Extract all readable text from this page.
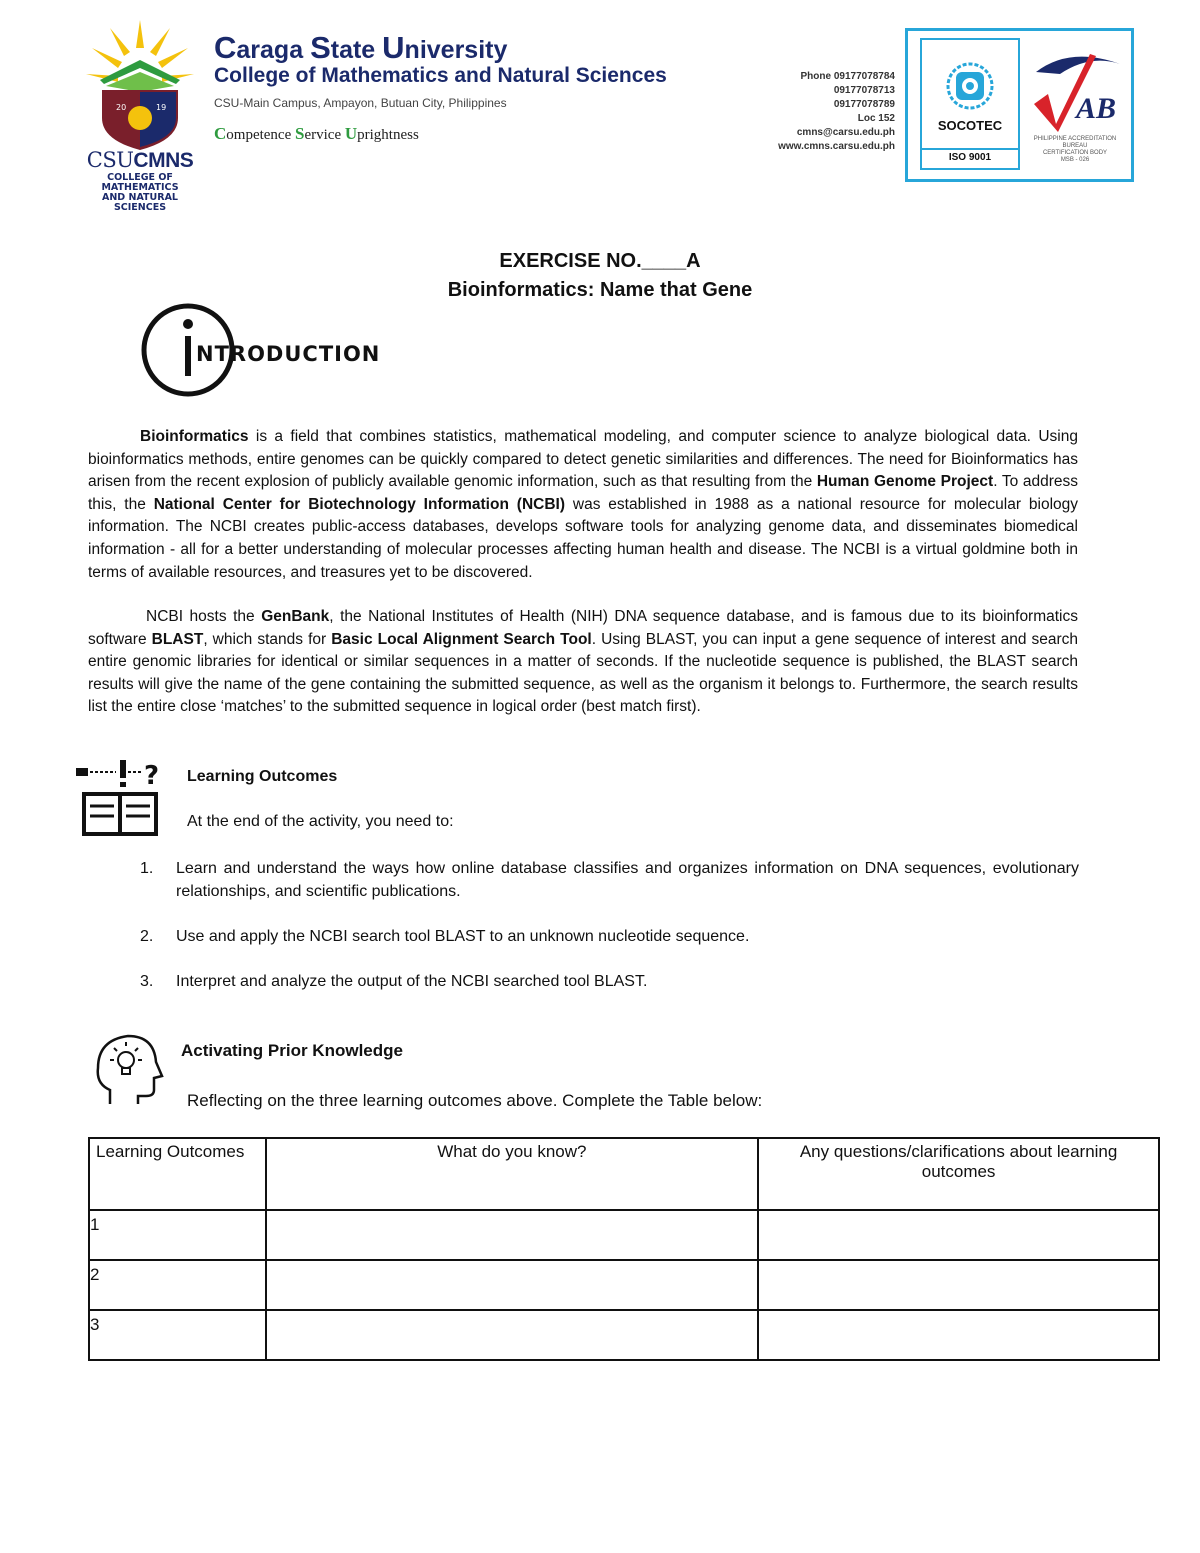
20	19
CSUCMNS
COLLEGE OF MATHEMATICS
AND NATURAL SCIENCES
Caraga State University
College of Mathematics and Natural Sciences
CSU-Main Campus, Ampayon, Butuan City, Philippines
Competence Service Uprightness
Phone 09177078784
09177078713
09177078789
Loc 152
cmns@carsu.edu.ph
www.cmns.carsu.edu.ph
SOCOTEC
ISO 9001
AB
PHILIPPINE ACCREDITATION BUREAU
CERTIFICATION BODY
MSB - 026
EXERCISE NO.____A
Bioinformatics: Name that Gene
NTRODUCTION
Bioinformatics is a field that combines statistics, mathematical modeling, and computer science to analyze biological data. Using bioinformatics methods, entire genomes can be quickly compared to detect genetic similarities and differences. The need for Bioinformatics has arisen from the recent explosion of publicly available genomic information, such as that resulting from the Human Genome Project. To address this, the National Center for Biotechnology Information (NCBI) was established in 1988 as a national resource for molecular biology information. The NCBI creates public-access databases, develops software tools for analyzing genome data, and disseminates biomedical information - all for a better understanding of molecular processes affecting human health and disease. The NCBI is a virtual goldmine both in terms of available resources, and treasures yet to be discovered.
NCBI hosts the GenBank, the National Institutes of Health (NIH) DNA sequence database, and is famous due to its bioinformatics software BLAST, which stands for Basic Local Alignment Search Tool. Using BLAST, you can input a gene sequence of interest and search entire genomic libraries for identical or similar sequences in a matter of seconds. If the nucleotide sequence is published, the BLAST search results will give the name of the gene containing the submitted sequence, as well as the organism it belongs to. Furthermore, the search results list the entire close ‘matches’ to the submitted sequence in logical order (best match first).
? Learning Outcomes
At the end of the activity, you need to:
1. Learn and understand the ways how online database classifies and organizes information on DNA sequences, evolutionary relationships, and scientific publications.
2. Use and apply the NCBI search tool BLAST to an unknown nucleotide sequence.
3. Interpret and analyze the output of the NCBI searched tool BLAST.
Activating Prior Knowledge
Reflecting on the three learning outcomes above. Complete the Table below:
Learning Outcomes	What do you know?	Any questions/clarifications about learning outcomes
1		
2		
3		
